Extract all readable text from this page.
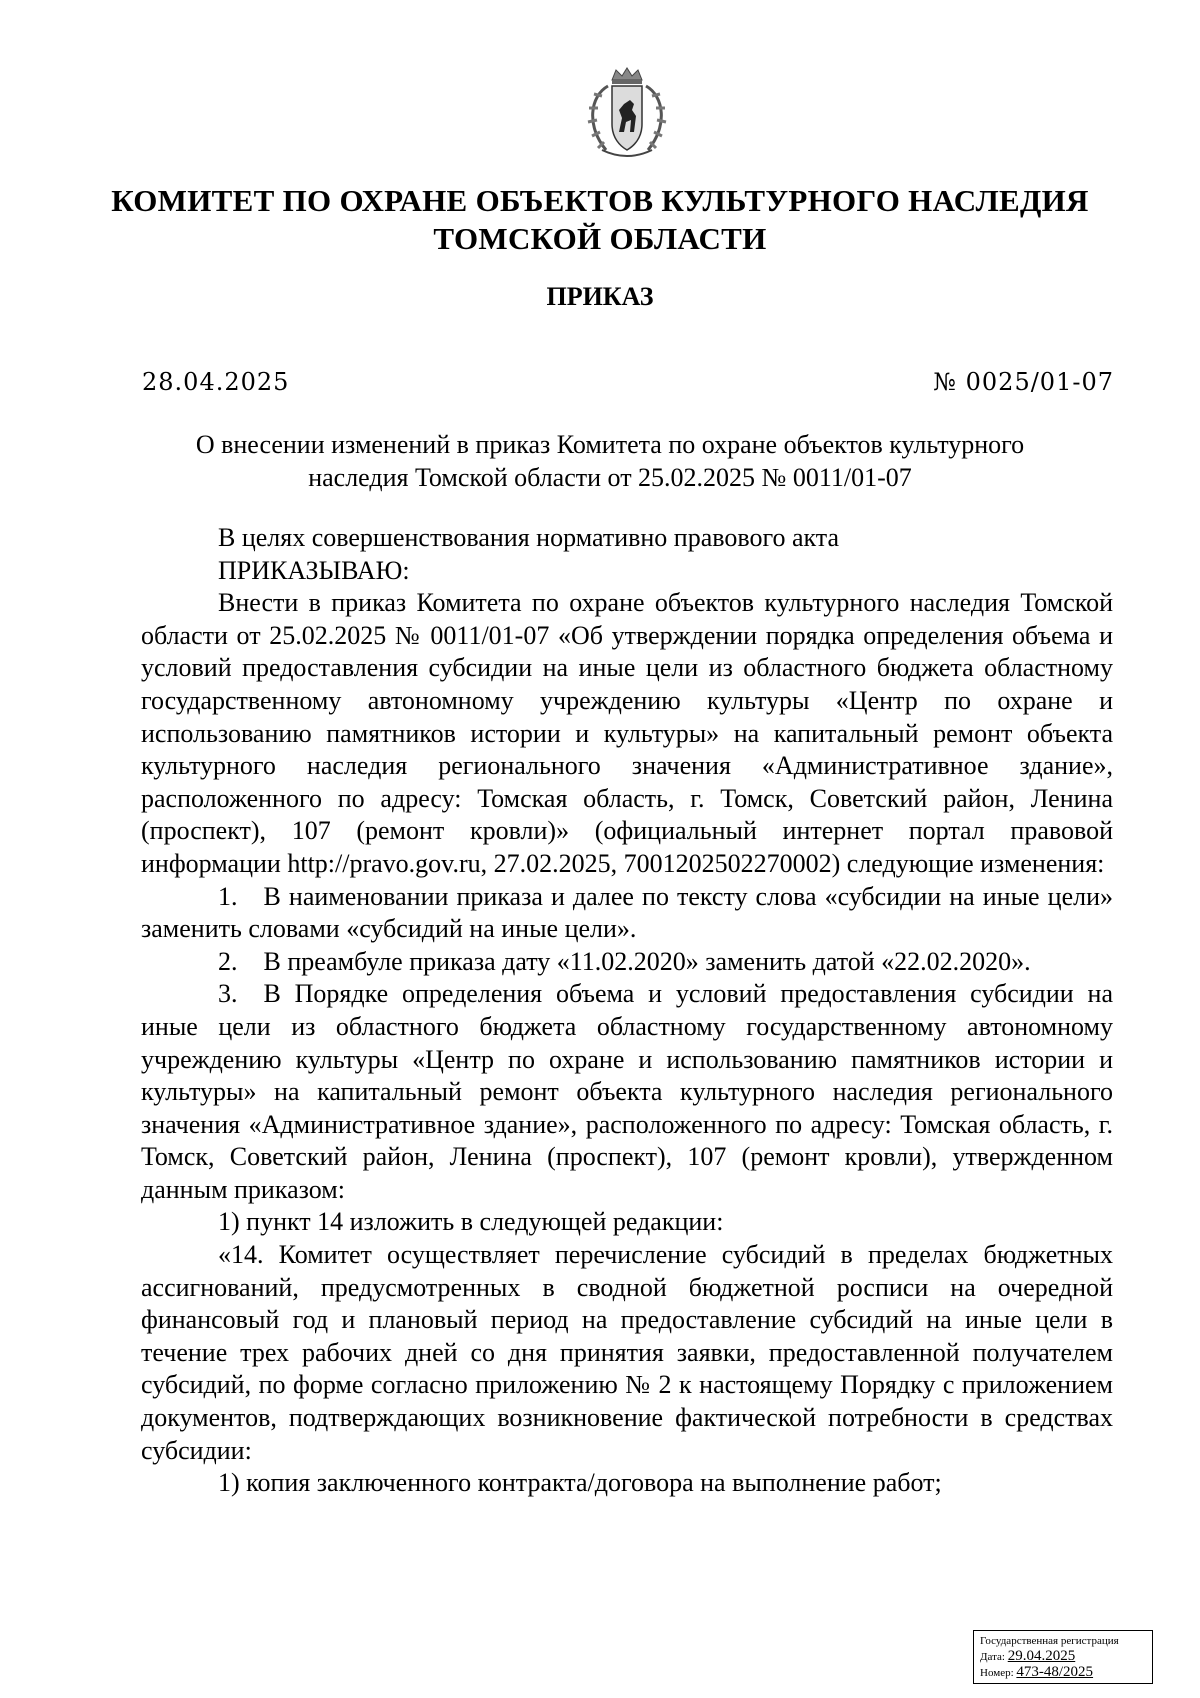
КОМИТЕТ ПО ОХРАНЕ ОБЪЕКТОВ КУЛЬТУРНОГО НАСЛЕДИЯ
ТОМСКОЙ ОБЛАСТИ
ПРИКАЗ
28.04.2025	№ 0025/01-07
О внесении изменений в приказ Комитета по охране объектов культурного
наследия Томской области от 25.02.2025 № 0011/01-07

В целях совершенствования нормативно правового акта

ПРИКАЗЫВАЮ:

Внести в приказ Комитета по охране объектов культурного наследия Томской области от 25.02.2025 № 0011/01-07 «Об утверждении порядка определения объема и условий предоставления субсидии на иные цели из областного бюджета областному государственному автономному учреждению культуры «Центр по охране и использованию памятников истории и культуры» на капитальный ремонт объекта культурного наследия регионального значения «Административное здание», расположенного по адресу: Томская область, г. Томск, Советский район, Ленина (проспект), 107 (ремонт кровли)» (официальный интернет портал правовой информации http://pravo.gov.ru, 27.02.2025, 7001202502270002) следующие изменения:

1. В наименовании приказа и далее по тексту слова «субсидии на иные цели» заменить словами «субсидий на иные цели».

2. В преамбуле приказа дату «11.02.2020» заменить датой «22.02.2020».

3. В Порядке определения объема и условий предоставления субсидии на иные цели из областного бюджета областному государственному автономному учреждению культуры «Центр по охране и использованию памятников истории и культуры» на капитальный ремонт объекта культурного наследия регионального значения «Административное здание», расположенного по адресу: Томская область, г. Томск, Советский район, Ленина (проспект), 107 (ремонт кровли), утвержденном данным приказом:

1) пункт 14 изложить в следующей редакции:

«14. Комитет осуществляет перечисление субсидий в пределах бюджетных ассигнований, предусмотренных в сводной бюджетной росписи на очередной финансовый год и плановый период на предоставление субсидий на иные цели в течение трех рабочих дней со дня принятия заявки, предоставленной получателем субсидий, по форме согласно приложению № 2 к настоящему Порядку с приложением документов, подтверждающих возникновение фактической потребности в средствах субсидии:

1) копия заключенного контракта/договора на выполнение работ;

Государственная регистрация
Дата: 29.04.2025
Номер: 473-48/2025
